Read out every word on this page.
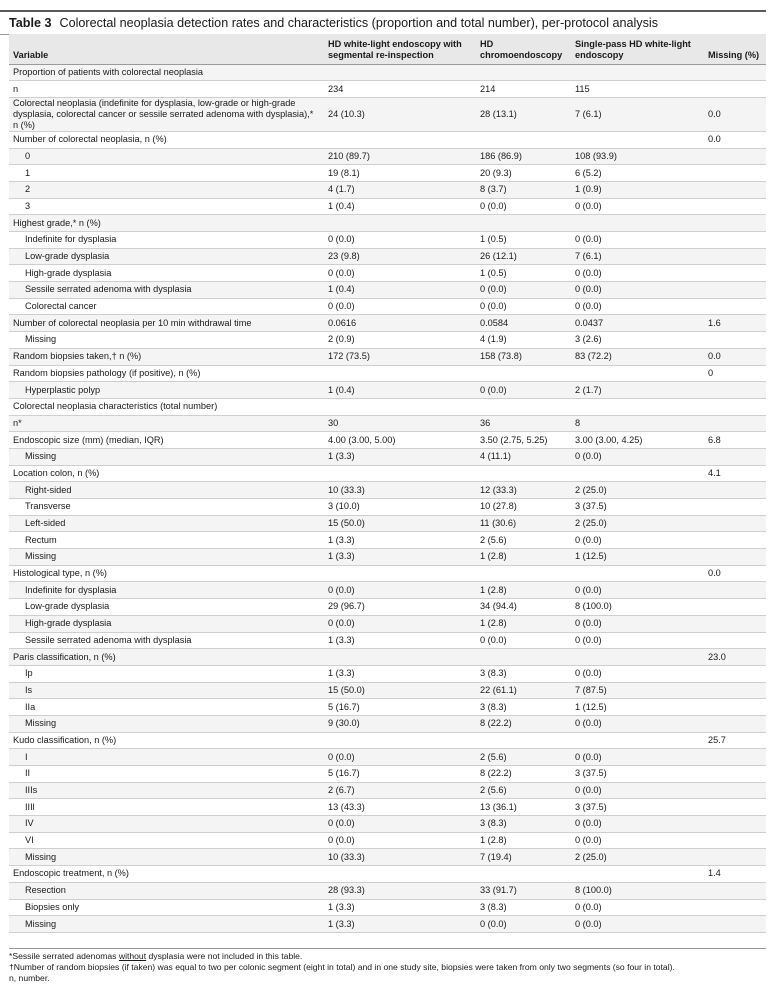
Table 3 Colorectal neoplasia detection rates and characteristics (proportion and total number), per-protocol analysis
Variable	HD white-light endoscopy with segmental re-inspection	HD chromoendoscopy	Single-pass HD white-light endoscopy	Missing (%)
Proportion of patients with colorectal neoplasia				
n	234	214	115	
Colorectal neoplasia (indefinite for dysplasia, low-grade or high-grade dysplasia, colorectal cancer or sessile serrated adenoma with dysplasia),* n (%)	24 (10.3)	28 (13.1)	7 (6.1)	0.0
Number of colorectal neoplasia, n (%)				0.0
0	210 (89.7)	186 (86.9)	108 (93.9)	
1	19 (8.1)	20 (9.3)	6 (5.2)	
2	4 (1.7)	8 (3.7)	1 (0.9)	
3	1 (0.4)	0 (0.0)	0 (0.0)	
Highest grade,* n (%)				
Indefinite for dysplasia	0 (0.0)	1 (0.5)	0 (0.0)	
Low-grade dysplasia	23 (9.8)	26 (12.1)	7 (6.1)	
High-grade dysplasia	0 (0.0)	1 (0.5)	0 (0.0)	
Sessile serrated adenoma with dysplasia	1 (0.4)	0 (0.0)	0 (0.0)	
Colorectal cancer	0 (0.0)	0 (0.0)	0 (0.0)	
Number of colorectal neoplasia per 10 min withdrawal time	0.0616	0.0584	0.0437	1.6
Missing	2 (0.9)	4 (1.9)	3 (2.6)	
Random biopsies taken,† n (%)	172 (73.5)	158 (73.8)	83 (72.2)	0.0
Random biopsies pathology (if positive), n (%)				0
Hyperplastic polyp	1 (0.4)	0 (0.0)	2 (1.7)	
Colorectal neoplasia characteristics (total number)				
n*	30	36	8	
Endoscopic size (mm) (median, IQR)	4.00 (3.00, 5.00)	3.50 (2.75, 5.25)	3.00 (3.00, 4.25)	6.8
Missing	1 (3.3)	4 (11.1)	0 (0.0)	
Location colon, n (%)				4.1
Right-sided	10 (33.3)	12 (33.3)	2 (25.0)	
Transverse	3 (10.0)	10 (27.8)	3 (37.5)	
Left-sided	15 (50.0)	11 (30.6)	2 (25.0)	
Rectum	1 (3.3)	2 (5.6)	0 (0.0)	
Missing	1 (3.3)	1 (2.8)	1 (12.5)	
Histological type, n (%)				0.0
Indefinite for dysplasia	0 (0.0)	1 (2.8)	0 (0.0)	
Low-grade dysplasia	29 (96.7)	34 (94.4)	8 (100.0)	
High-grade dysplasia	0 (0.0)	1 (2.8)	0 (0.0)	
Sessile serrated adenoma with dysplasia	1 (3.3)	0 (0.0)	0 (0.0)	
Paris classification, n (%)				23.0
Ip	1 (3.3)	3 (8.3)	0 (0.0)	
Is	15 (50.0)	22 (61.1)	7 (87.5)	
IIa	5 (16.7)	3 (8.3)	1 (12.5)	
Missing	9 (30.0)	8 (22.2)	0 (0.0)	
Kudo classification, n (%)				25.7
I	0 (0.0)	2 (5.6)	0 (0.0)	
II	5 (16.7)	8 (22.2)	3 (37.5)	
IIIs	2 (6.7)	2 (5.6)	0 (0.0)	
IIIl	13 (43.3)	13 (36.1)	3 (37.5)	
IV	0 (0.0)	3 (8.3)	0 (0.0)	
VI	0 (0.0)	1 (2.8)	0 (0.0)	
Missing	10 (33.3)	7 (19.4)	2 (25.0)	
Endoscopic treatment, n (%)				1.4
Resection	28 (93.3)	33 (91.7)	8 (100.0)	
Biopsies only	1 (3.3)	3 (8.3)	0 (0.0)	
Missing	1 (3.3)	0 (0.0)	0 (0.0)	
*Sessile serrated adenomas without dysplasia were not included in this table.
†Number of random biopsies (if taken) was equal to two per colonic segment (eight in total) and in one study site, biopsies were taken from only two segments (so four in total).
n, number.
